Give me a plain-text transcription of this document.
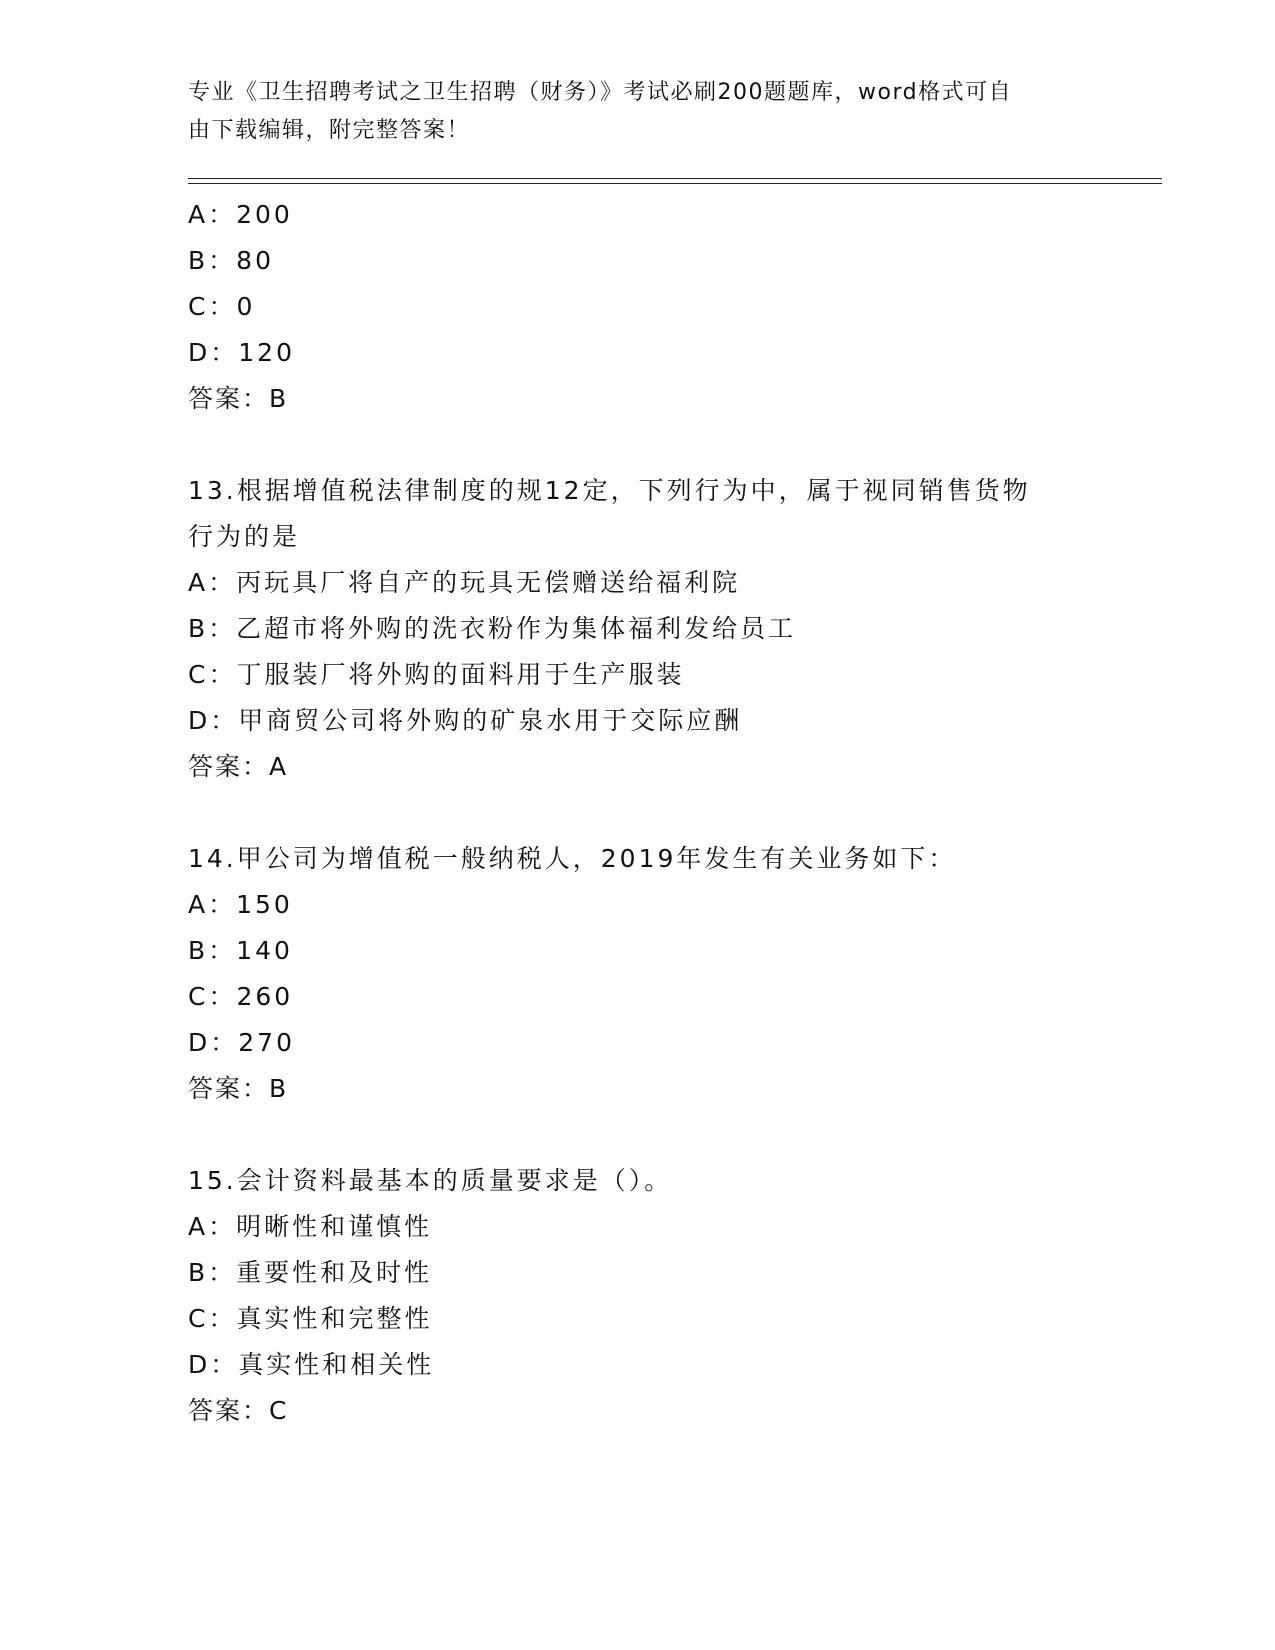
专业《卫生招聘考试之卫生招聘（财务）》考试必刷200题题库，word格式可自
由下载编辑，附完整答案！
A：200
B：80
C：0
D：120
答案：B
13.根据增值税法律制度的规12定，下列行为中，属于视同销售货物
行为的是
A：丙玩具厂将自产的玩具无偿赠送给福利院
B：乙超市将外购的洗衣粉作为集体福利发给员工
C：丁服装厂将外购的面料用于生产服装
D：甲商贸公司将外购的矿泉水用于交际应酬
答案：A
14.甲公司为增值税一般纳税人，2019年发生有关业务如下：
A：150
B：140
C：260
D：270
答案：B
15.会计资料最基本的质量要求是（）。
A：明晰性和谨慎性
B：重要性和及时性
C：真实性和完整性
D：真实性和相关性
答案：C
